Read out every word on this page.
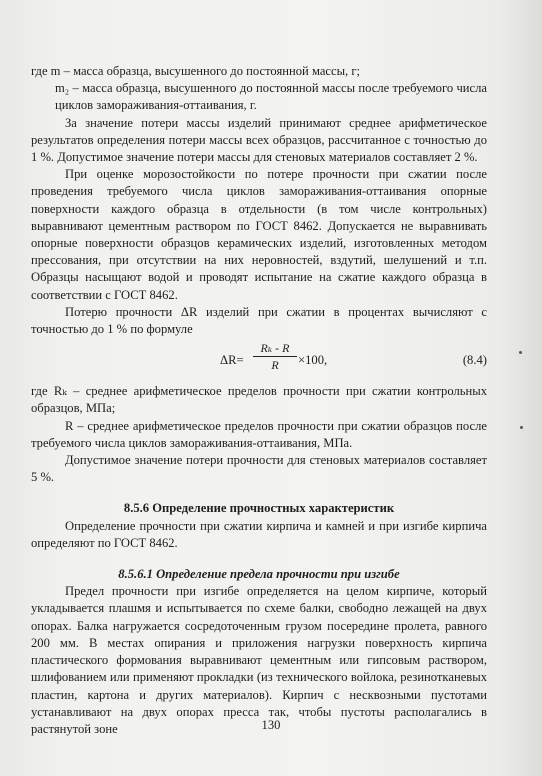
где m – масса образца, высушенного до постоянной массы, г;

m₂ – масса образца, высушенного до постоянной массы после требуемого числа циклов замораживания-оттаивания, г.

За значение потери массы изделий принимают среднее арифметическое результатов определения потери массы всех образцов, рассчитанное с точностью до 1 %. Допустимое значение потери массы для стеновых материалов составляет 2 %.

При оценке морозостойкости по потере прочности при сжатии после проведения требуемого числа циклов замораживания-оттаивания опорные поверхности каждого образца в отдельности (в том числе контрольных) выравнивают цементным раствором по ГОСТ 8462. Допускается не выравнивать опорные поверхности образцов керамических изделий, изготовленных методом прессования, при отсутствии на них неровностей, вздутий, шелушений и т.п. Образцы насыщают водой и проводят испытание на сжатие каждого образца в соответствии с ГОСТ 8462.

Потерю прочности ΔR изделий при сжатии в процентах вычисляют с точностью до 1 % по формуле

$\Delta R= \frac{\text{Rₖ - R}}{R} \times 100$,	(8.4)

где Rₖ – среднее арифметическое пределов прочности при сжатии контрольных образцов, МПа;

R – среднее арифметическое пределов прочности при сжатии образцов после требуемого числа циклов замораживания-оттаивания, МПа.

Допустимое значение потери прочности для стеновых материалов составляет 5 %.

8.5.6 Определение прочностных характеристик

Определение прочности при сжатии кирпича и камней и при изгибе кирпича определяют по ГОСТ 8462.

8.5.6.1 Определение предела прочности при изгибе

Предел прочности при изгибе определяется на целом кирпиче, который укладывается плашмя и испытывается по схеме балки, свободно лежащей на двух опорах. Балка нагружается сосредоточенным грузом посередине пролета, равного 200 мм. В местах опирания и приложения нагрузки поверхность кирпича пластического формования выравнивают цементным или гипсовым раствором, шлифованием или применяют прокладки (из технического войлока, резинотканевых пластин, картона и других материалов). Кирпич с несквозными пустотами устанавливают на двух опорах пресса так, чтобы пустоты располагались в растянутой зоне	130
